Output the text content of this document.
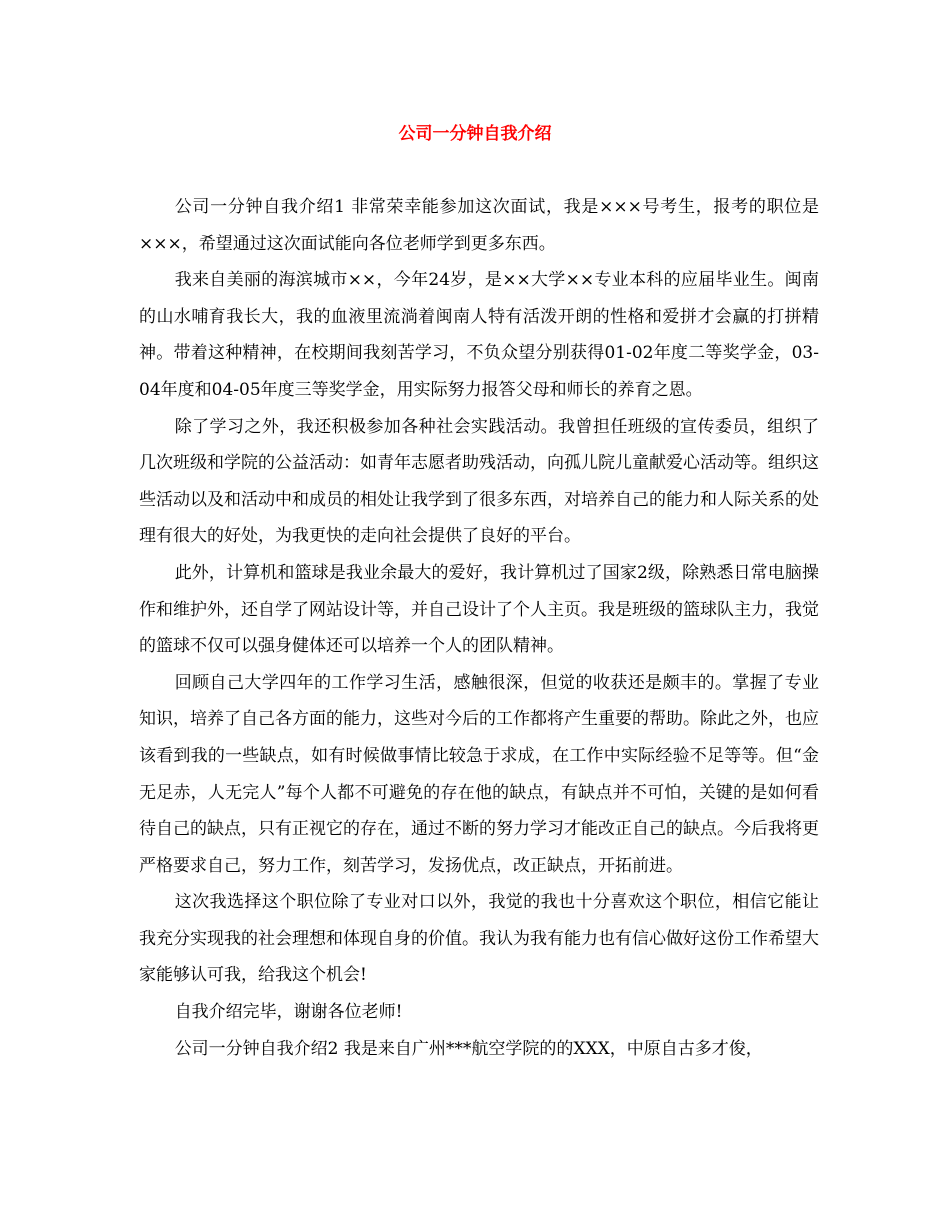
公司一分钟自我介绍

公司一分钟自我介绍1 非常荣幸能参加这次面试，我是×××号考生，报考的职位是×××，希望通过这次面试能向各位老师学到更多东西。

我来自美丽的海滨城市××，今年24岁，是××大学××专业本科的应届毕业生。闽南的山水哺育我长大，我的血液里流淌着闽南人特有活泼开朗的性格和爱拼才会赢的打拼精神。带着这种精神，在校期间我刻苦学习，不负众望分别获得01-02年度二等奖学金，03-04年度和04-05年度三等奖学金，用实际努力报答父母和师长的养育之恩。

除了学习之外，我还积极参加各种社会实践活动。我曾担任班级的宣传委员，组织了几次班级和学院的公益活动：如青年志愿者助残活动，向孤儿院儿童献爱心活动等。组织这些活动以及和活动中和成员的相处让我学到了很多东西，对培养自己的能力和人际关系的处理有很大的好处，为我更快的走向社会提供了良好的平台。

此外，计算机和篮球是我业余最大的爱好，我计算机过了国家2级，除熟悉日常电脑操作和维护外，还自学了网站设计等，并自己设计了个人主页。我是班级的篮球队主力，我觉的篮球不仅可以强身健体还可以培养一个人的团队精神。

回顾自己大学四年的工作学习生活，感触很深，但觉的收获还是颇丰的。掌握了专业知识，培养了自己各方面的能力，这些对今后的工作都将产生重要的帮助。除此之外，也应该看到我的一些缺点，如有时候做事情比较急于求成，在工作中实际经验不足等等。但“金无足赤，人无完人”每个人都不可避免的存在他的缺点，有缺点并不可怕，关键的是如何看待自己的缺点，只有正视它的存在，通过不断的努力学习才能改正自己的缺点。今后我将更严格要求自己，努力工作，刻苦学习，发扬优点，改正缺点，开拓前进。

这次我选择这个职位除了专业对口以外，我觉的我也十分喜欢这个职位，相信它能让我充分实现我的社会理想和体现自身的价值。我认为我有能力也有信心做好这份工作希望大家能够认可我，给我这个机会!

自我介绍完毕，谢谢各位老师!

公司一分钟自我介绍2 我是来自广州***航空学院的的XXX，中原自古多才俊，
